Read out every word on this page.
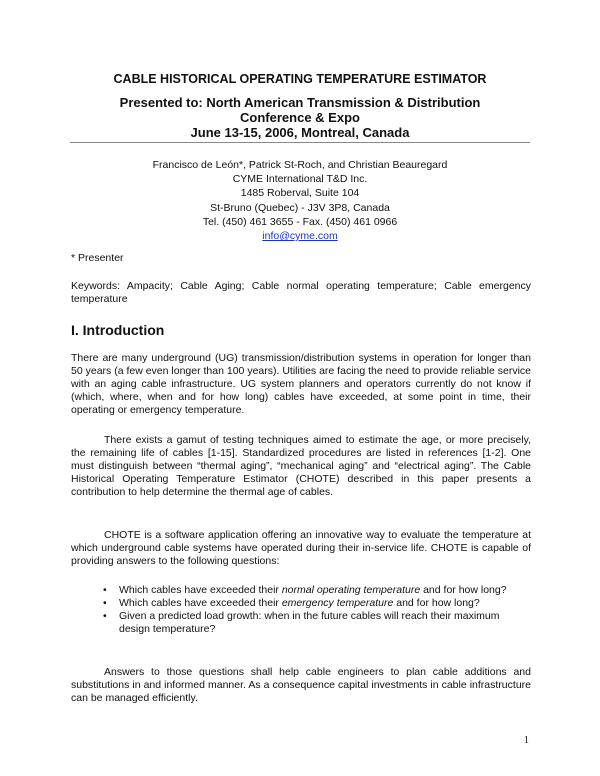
CABLE HISTORICAL OPERATING TEMPERATURE ESTIMATOR
Presented to: North American Transmission & Distribution
Conference & Expo
June 13-15, 2006, Montreal, Canada
Francisco de León*, Patrick St-Roch, and Christian Beauregard
CYME International T&D Inc.
1485 Roberval, Suite 104
St-Bruno (Quebec) - J3V 3P8, Canada
Tel. (450) 461 3655 - Fax. (450) 461 0966
info@cyme.com
* Presenter
Keywords: Ampacity; Cable Aging; Cable normal operating temperature; Cable emergency temperature
I. Introduction
There are many underground (UG) transmission/distribution systems in operation for longer than 50 years (a few even longer than 100 years). Utilities are facing the need to provide reliable service with an aging cable infrastructure. UG system planners and operators currently do not know if (which, where, when and for how long) cables have exceeded, at some point in time, their operating or emergency temperature.
There exists a gamut of testing techniques aimed to estimate the age, or more precisely, the remaining life of cables [1-15]. Standardized procedures are listed in references [1-2]. One must distinguish between “thermal aging”, “mechanical aging” and “electrical aging”. The Cable Historical Operating Temperature Estimator (CHOTE) described in this paper presents a contribution to help determine the thermal age of cables.
CHOTE is a software application offering an innovative way to evaluate the temperature at which underground cable systems have operated during their in-service life. CHOTE is capable of providing answers to the following questions:
• Which cables have exceeded their normal operating temperature and for how long?
• Which cables have exceeded their emergency temperature and for how long?
• Given a predicted load growth: when in the future cables will reach their maximum design temperature?
Answers to those questions shall help cable engineers to plan cable additions and substitutions in and informed manner. As a consequence capital investments in cable infrastructure can be managed efficiently.
1
